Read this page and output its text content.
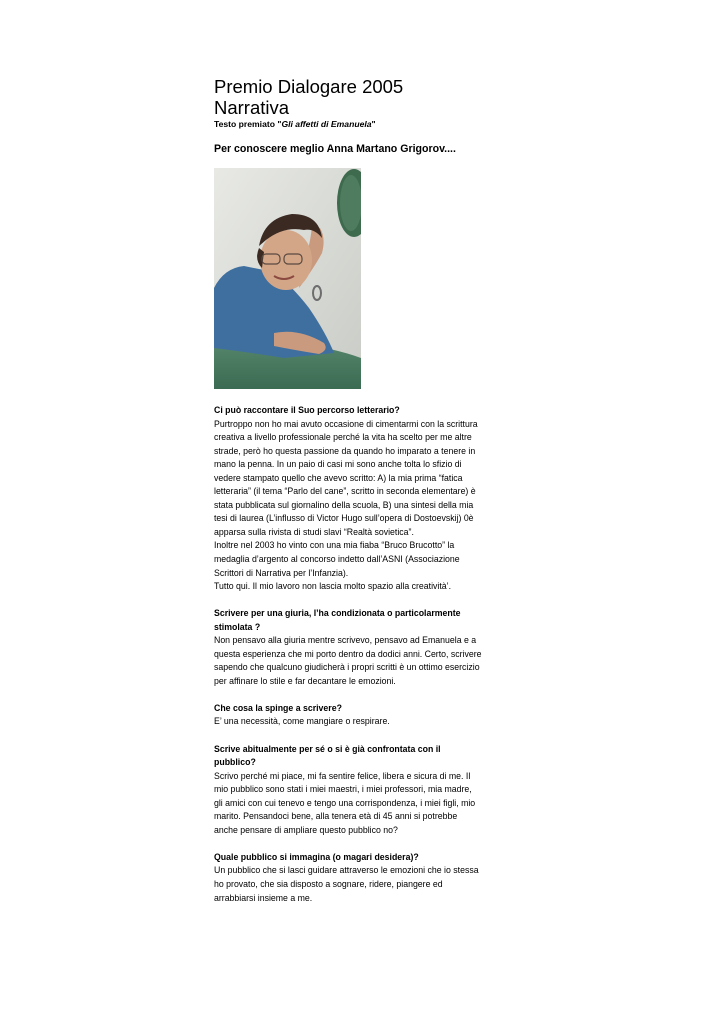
Premio Dialogare 2005
Narrativa
Testo premiato "Gli affetti di Emanuela"
Per conoscere meglio Anna Martano Grigorov....
Ci può raccontare il Suo percorso letterario?

Purtroppo non ho mai avuto occasione di cimentarmi con la scrittura creativa a livello professionale perché la vita ha scelto per me altre strade, però ho questa passione da quando ho imparato a tenere in mano la penna. In un paio di casi mi sono anche tolta lo sfizio di vedere stampato quello che avevo scritto: A) la mia prima “fatica letteraria” (il tema “Parlo del cane”, scritto in seconda elementare) è stata pubblicata sul giornalino della scuola, B) una sintesi della mia tesi di laurea (L’influsso di Victor Hugo sull’opera di Dostoevskij) 0è apparsa sulla rivista di studi slavi “Realtà sovietica”.

Inoltre nel 2003 ho vinto con una mia fiaba “Bruco Brucotto” la medaglia d’argento al concorso indetto dall’ASNI (Associazione Scrittori di Narrativa per l’Infanzia).

Tutto qui. Il mio lavoro non lascia molto spazio alla creatività’.

Scrivere per una giuria, l’ha condizionata o particolarmente stimolata ?

Non pensavo alla giuria mentre scrivevo, pensavo ad Emanuela e a questa esperienza che mi porto dentro da dodici anni. Certo, scrivere sapendo che qualcuno giudicherà i propri scritti è un ottimo esercizio per affinare lo stile e far decantare le emozioni.

Che cosa la spinge a scrivere?

E’ una necessità, come mangiare o respirare.

Scrive abitualmente per sé o si è già confrontata con il pubblico?

Scrivo perché mi piace, mi fa sentire felice, libera e sicura di me. Il mio pubblico sono stati i miei maestri, i miei professori, mia madre, gli amici con cui tenevo e tengo una corrispondenza, i miei figli, mio marito. Pensandoci bene, alla tenera età di 45 anni si potrebbe anche pensare di ampliare questo pubblico no?

Quale pubblico si immagina (o magari desidera)?

Un pubblico che si lasci guidare attraverso le emozioni che io stessa ho provato, che sia disposto a sognare, ridere, piangere ed arrabbiarsi insieme a me.
